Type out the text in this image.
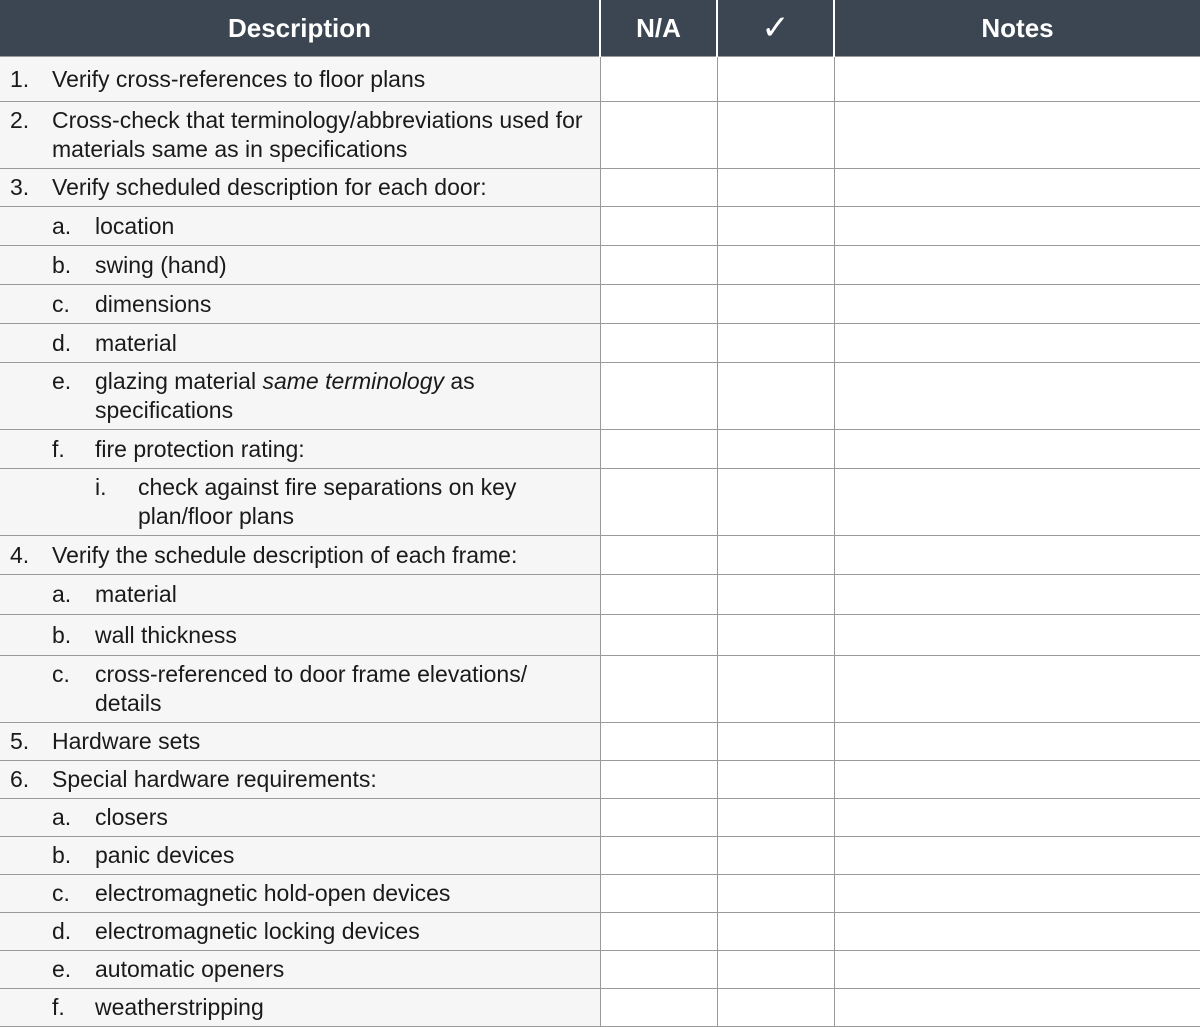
Description	N/A	✓	Notes

1. Verify cross-references to floor plans			

2. Cross-check that terminology/abbreviations used for materials same as in specifications			

3. Verify scheduled description for each door:			

a. location			

b. swing (hand)			

c. dimensions			

d. material			

e. glazing material same terminology as specifications			

f. fire protection rating:			

i. check against fire separations on key plan/floor plans			

4. Verify the schedule description of each frame:			

a. material			

b. wall thickness			

c. cross-referenced to door frame elevations/ details			

5. Hardware sets			

6. Special hardware requirements:			

a. closers			

b. panic devices			

c. electromagnetic hold-open devices			

d. electromagnetic locking devices			

e. automatic openers			

f. weatherstripping			
